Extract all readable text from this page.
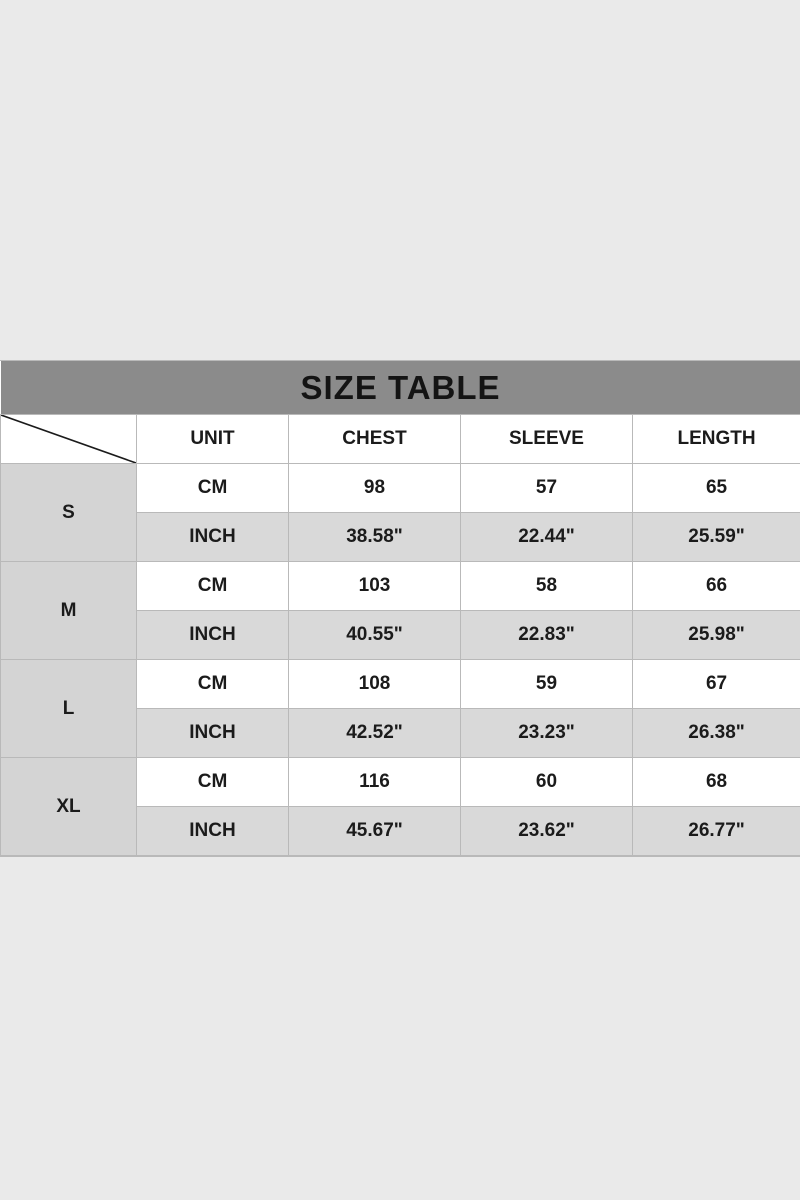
SIZE TABLE				

	UNIT	CHEST	SLEEVE	LENGTH
S	CM	98	57	65
	INCH	38.58"	22.44"	25.59"
M	CM	103	58	66
	INCH	40.55"	22.83"	25.98"
L	CM	108	59	67
	INCH	42.52"	23.23"	26.38"
XL	CM	116	60	68
	INCH	45.67"	23.62"	26.77"
